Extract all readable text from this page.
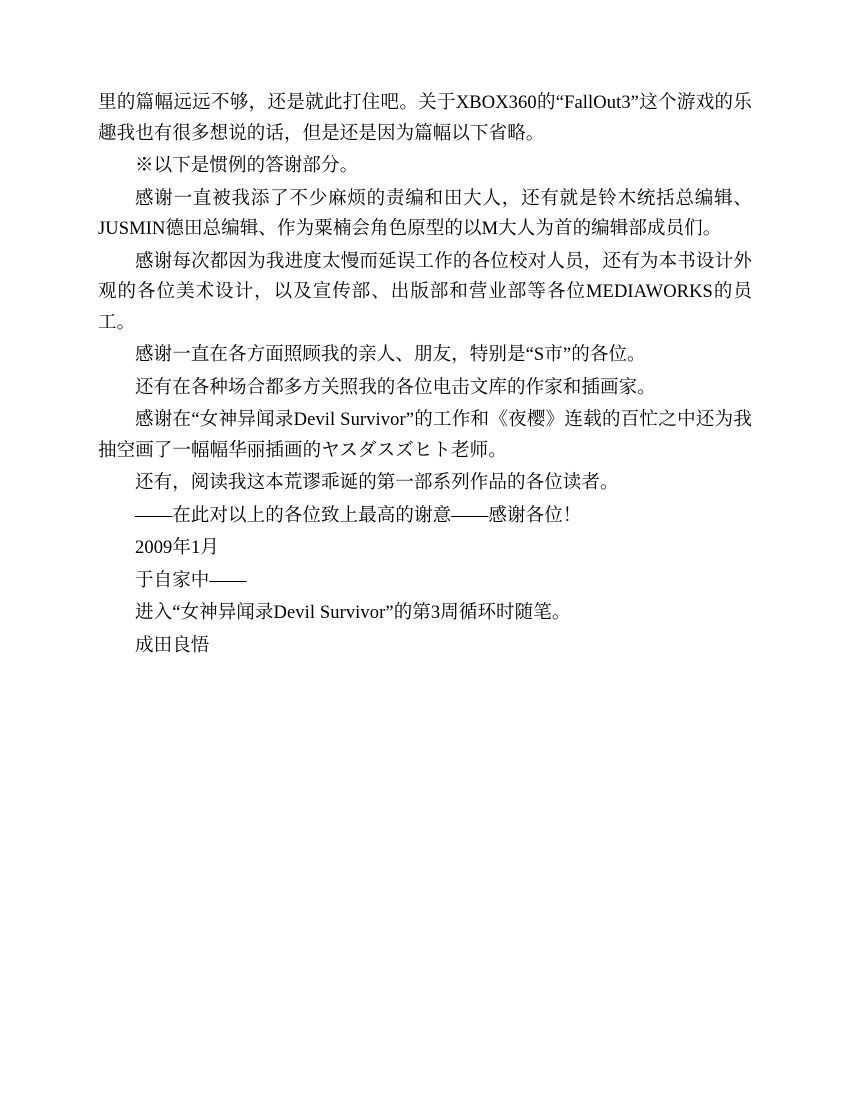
里的篇幅远远不够，还是就此打住吧。关于XBOX360的“FallOut3”这个游戏的乐趣我也有很多想说的话，但是还是因为篇幅以下省略。

※以下是惯例的答谢部分。

感谢一直被我添了不少麻烦的责编和田大人，还有就是铃木统括总编辑、JUSMIN德田总编辑、作为粟楠会角色原型的以M大人为首的编辑部成员们。

感谢每次都因为我进度太慢而延误工作的各位校对人员，还有为本书设计外观的各位美术设计，以及宣传部、出版部和营业部等各位MEDIAWORKS的员工。

感谢一直在各方面照顾我的亲人、朋友，特别是“S市”的各位。

还有在各种场合都多方关照我的各位电击文库的作家和插画家。

感谢在“女神异闻录Devil Survivor”的工作和《夜樱》连载的百忙之中还为我抽空画了一幅幅华丽插画的ヤスダスズヒト老师。

还有，阅读我这本荒谬乖诞的第一部系列作品的各位读者。

——在此对以上的各位致上最高的谢意——感谢各位！

2009年1月

于自家中——

进入“女神异闻录Devil Survivor”的第3周循环时随笔。

成田良悟
